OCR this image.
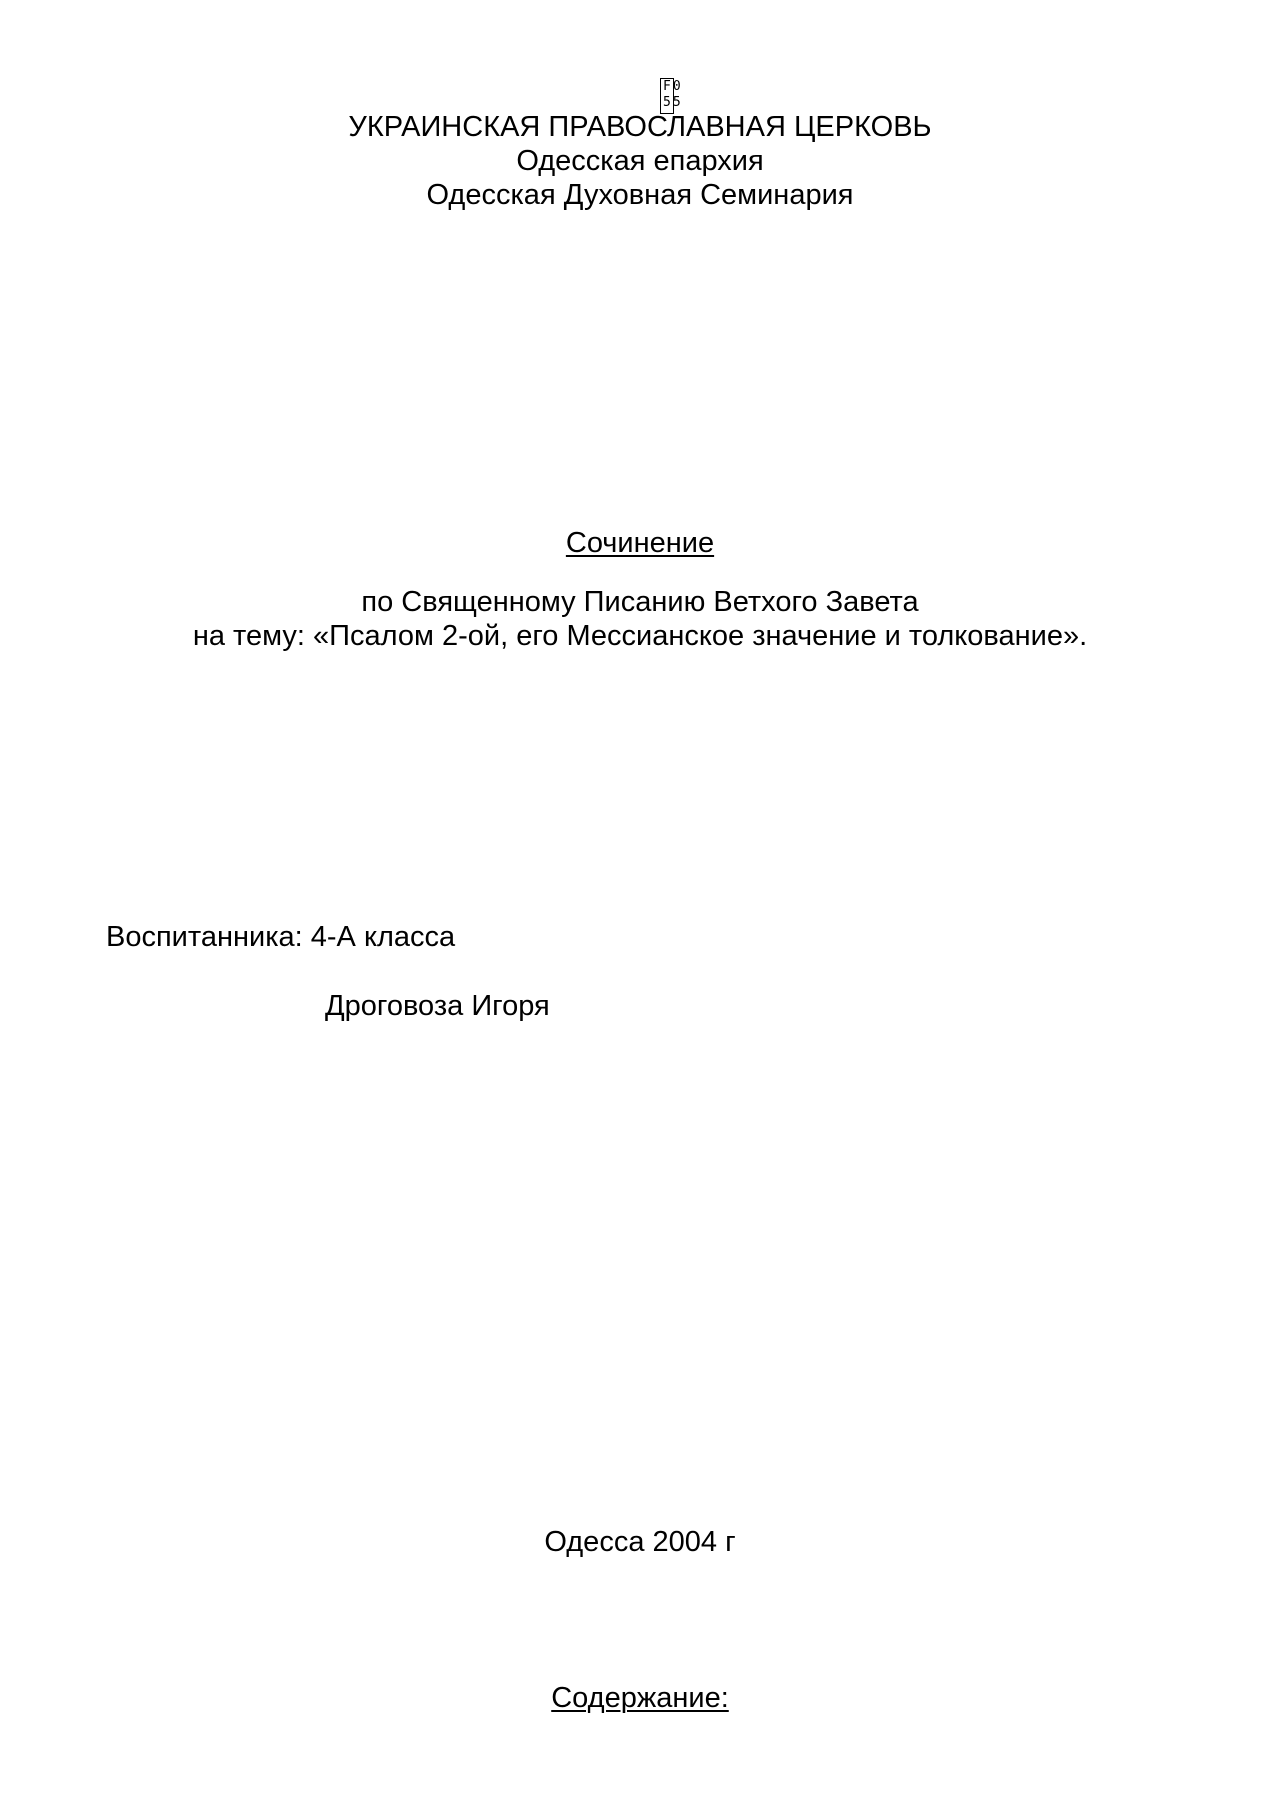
F0
55
УКРАИНСКАЯ ПРАВОСЛАВНАЯ ЦЕРКОВЬ
Одесская епархия
Одесская Духовная Семинария
Сочинение
по Священному Писанию Ветхого Завета
на тему: «Псалом 2-ой, его Мессианское значение и толкование».
Воспитанника: 4-А класса
Дроговоза Игоря
Одесса 2004 г
Содержание:
